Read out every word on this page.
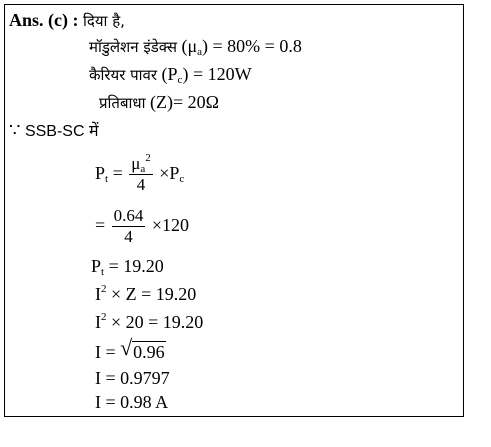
Ans. (c) : दिया है,
मॉडुलेशन इंडेक्स $(\mu_a) = 80\% = 0.8$
कैरियर पावर $(P_c) = 120W$
प्रतिबाधा (Z)= 20Ω
∵ SSB-SC में
$P_t = \frac{\mu_a^2}{4} \times P_c$
= $\frac{0.64}{4} \times 120$
$P_t = 19.20$
$I^2 \times Z = 19.20$
$I^2 \times 20 = 19.20$
I = √ 0.96
I = 0.9797
I = 0.98 A
